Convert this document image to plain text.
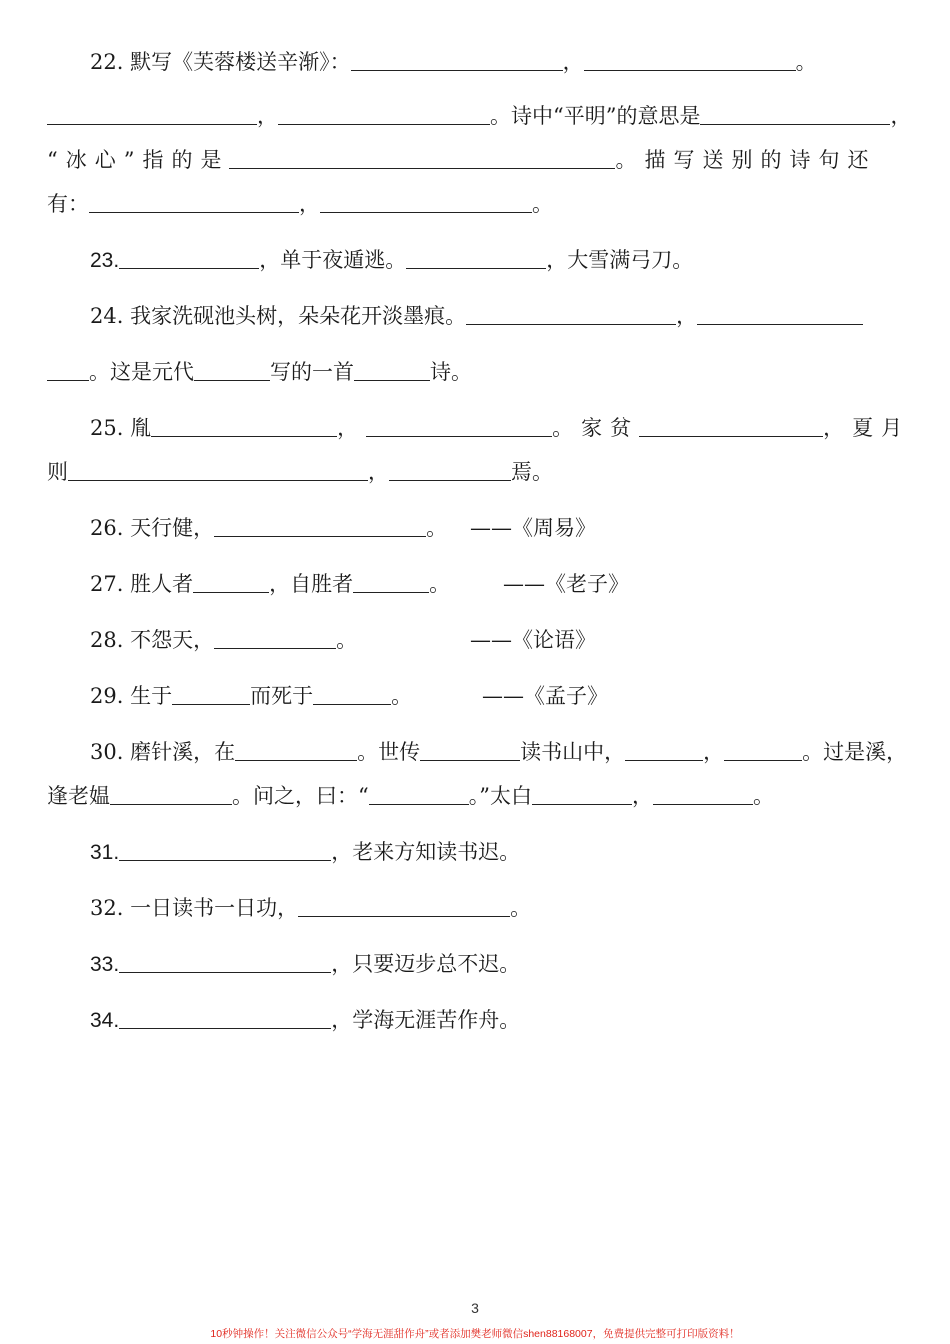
22. 默写《芙蓉楼送辛渐》：	，	。
，	。诗中“平明”的意思是	，
“冰心”指的是	。描写送别的诗句还
有：	，	。
23.	，单于夜遁逃。	，大雪满弓刀。
24. 我家洗砚池头树，朵朵花开淡墨痕。	，
。这是元代	写的一首	诗。
25. 胤	，	。家贫	，夏月
则	，	焉。
26. 天行健，	。 ——《周易》
27. 胜人者	，自胜者	。	——《老子》
28. 不怨天，	。	——《论语》
29. 生于	而死于	。	——《孟子》
30. 磨针溪，在	。世传	读书山中，	，	。过是溪，
逢老媪	。问之，曰：“	。”太白	，	。
31.	，老来方知读书迟。
32. 一日读书一日功，	。
33.	，只要迈步总不迟。
34.	，学海无涯苦作舟。
3
10秒钟操作！关注微信公众号“学海无涯甜作舟”或者添加樊老师微信shen88168007，免费提供完整可打印版资料！
